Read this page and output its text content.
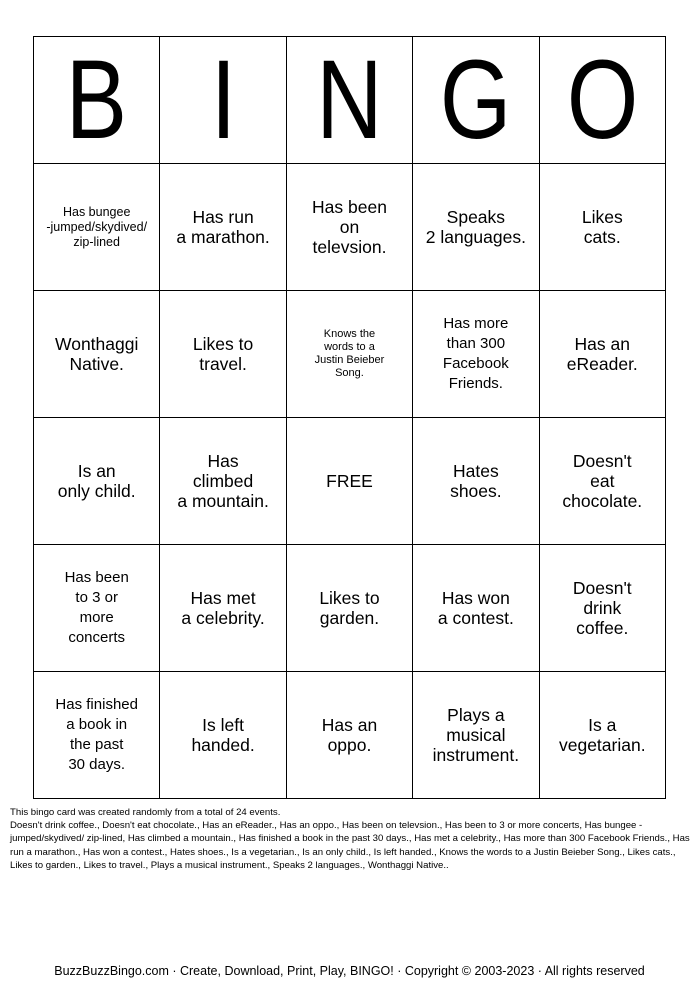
B	I	N	G	O

Has bungee
-jumped/skydived/
zip-lined	Has run
a marathon.	Has been
on
televsion.	Speaks
2 languages.	Likes
cats.

Wonthaggi
Native.	Likes to
travel.	Knows the
words to a
Justin Beieber
Song.	Has more
than 300
Facebook
Friends.	Has an
eReader.

Is an
only child.	Has
climbed
a mountain.	FREE	Hates
shoes.	Doesn't
eat
chocolate.

Has been
to 3 or
more
concerts	Has met
a celebrity.	Likes to
garden.	Has won
a contest.	Doesn't
drink
coffee.

Has finished
a book in
the past
30 days.	Is left
handed.	Has an
oppo.	Plays a
musical
instrument.	Is a
vegetarian.

This bingo card was created randomly from a total of 24 events.

Doesn't drink coffee., Doesn't eat chocolate., Has an eReader., Has an oppo., Has been on televsion., Has been to 3 or more concerts, Has bungee -jumped/skydived/ zip-lined, Has climbed a mountain., Has finished a book in the past 30 days., Has met a celebrity., Has more than 300 Facebook Friends., Has run a marathon., Has won a contest., Hates shoes., Is a vegetarian., Is an only child., Is left handed., Knows the words to a Justin Beieber Song., Likes cats., Likes to garden., Likes to travel., Plays a musical instrument., Speaks 2 languages., Wonthaggi Native..

BuzzBuzzBingo.com · Create, Download, Print, Play, BINGO! · Copyright © 2003-2023 · All rights reserved
